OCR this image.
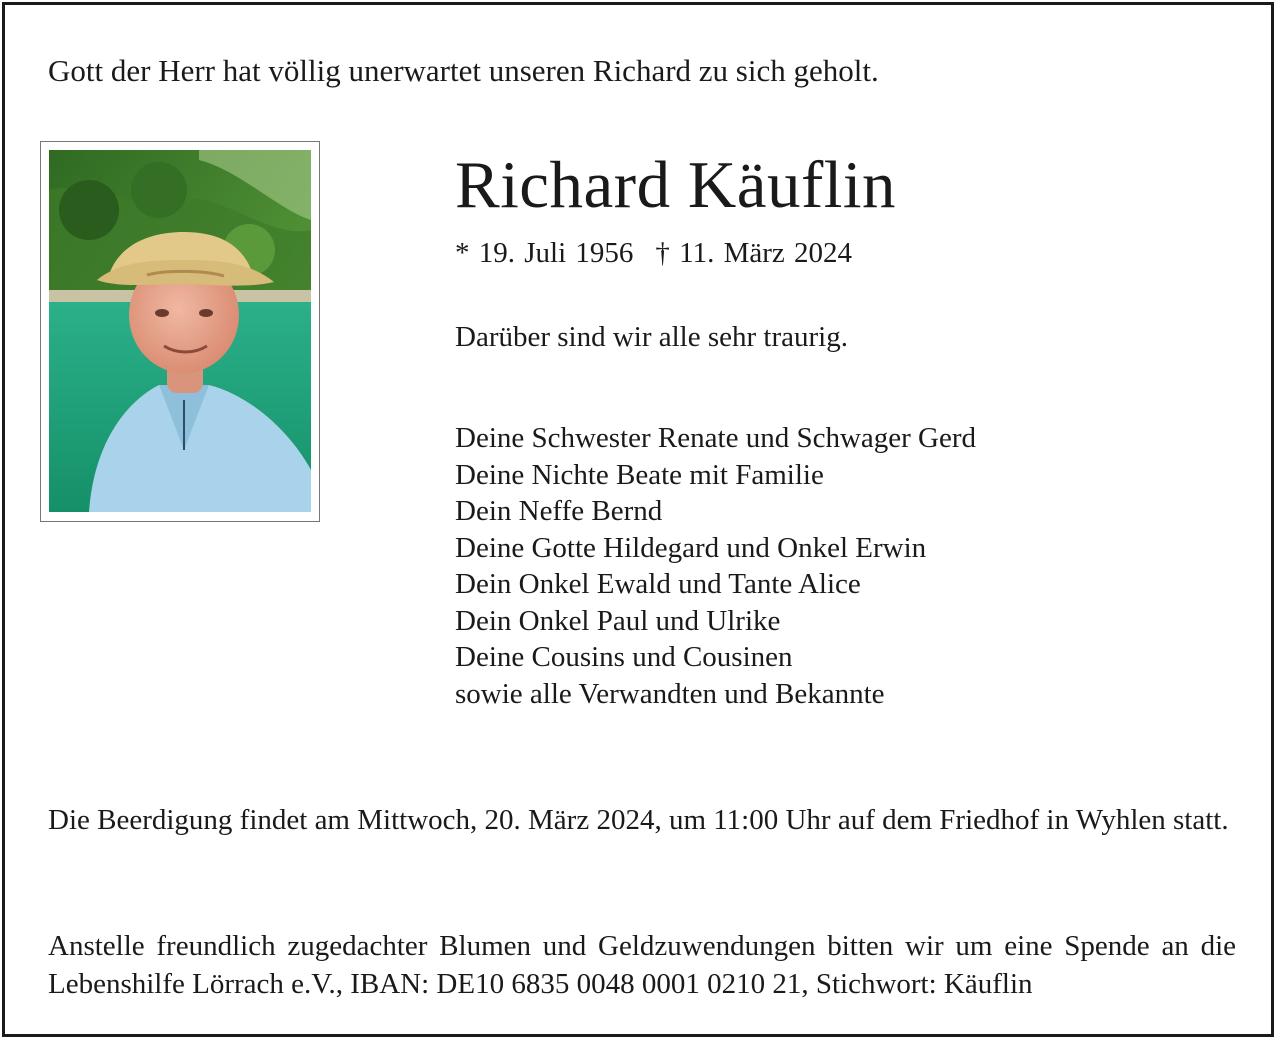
Gott der Herr hat völlig unerwartet unseren Richard zu sich geholt.

Richard Käuflin
* 19. Juli 1956 † 11. März 2024

Darüber sind wir alle sehr traurig.

Deine Schwester Renate und Schwager Gerd
Deine Nichte Beate mit Familie
Dein Neffe Bernd
Deine Gotte Hildegard und Onkel Erwin
Dein Onkel Ewald und Tante Alice
Dein Onkel Paul und Ulrike
Deine Cousins und Cousinen
sowie alle Verwandten und Bekannte

Die Beerdigung findet am Mittwoch, 20. März 2024, um 11:00 Uhr auf dem Friedhof in Wyhlen statt.

Anstelle freundlich zugedachter Blumen und Geldzuwendungen bitten wir um eine Spende an die Lebenshilfe Lörrach e.V., IBAN: DE10 6835 0048 0001 0210 21, Stichwort: Käuflin
